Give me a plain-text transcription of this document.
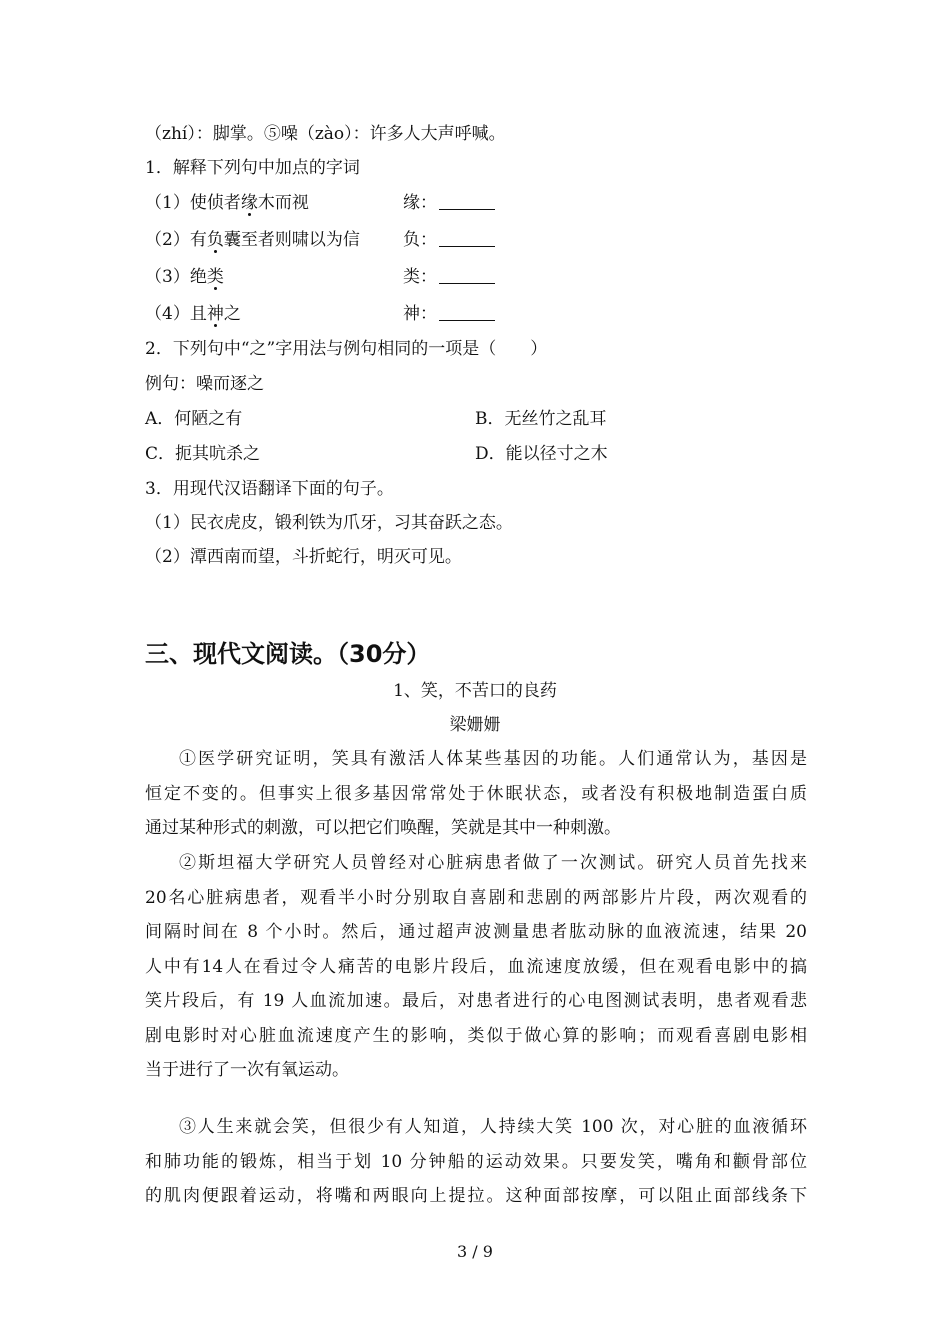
（zhí）：脚掌。⑤噪（zào）：许多人大声呼喊。
1．解释下列句中加点的字词
（1）使侦者缘木而视	缘：
（2）有负囊至者则啸以为信	负：
（3）绝类	类：
（4）且神之	神：
2．下列句中“之”字用法与例句相同的一项是（　　）
例句：噪而逐之
A．何陋之有	B．无丝竹之乱耳
C．扼其吭杀之	D．能以径寸之木
3．用现代汉语翻译下面的句子。
（1）民衣虎皮，锻利铁为爪牙，习其奋跃之态。
（2）潭西南而望，斗折蛇行，明灭可见。
三、现代文阅读。（30分）
1、笑，不苦口的良药
梁姗姗
①医学研究证明，笑具有激活人体某些基因的功能。人们通常认为，基因是
恒定不变的。但事实上很多基因常常处于休眠状态，或者没有积极地制造蛋白质
通过某种形式的刺激，可以把它们唤醒，笑就是其中一种刺激。
②斯坦福大学研究人员曾经对心脏病患者做了一次测试。研究人员首先找来
20名心脏病患者，观看半小时分别取自喜剧和悲剧的两部影片片段，两次观看的
间隔时间在 8 个小时。然后，通过超声波测量患者肱动脉的血液流速，结果 20
人中有14人在看过令人痛苦的电影片段后，血流速度放缓，但在观看电影中的搞
笑片段后，有 19 人血流加速。最后，对患者进行的心电图测试表明，患者观看悲
剧电影时对心脏血流速度产生的影响，类似于做心算的影响；而观看喜剧电影相
当于进行了一次有氧运动。
③人生来就会笑，但很少有人知道，人持续大笑 100 次，对心脏的血液循环
和肺功能的锻炼，相当于划 10 分钟船的运动效果。只要发笑，嘴角和颧骨部位
的肌肉便跟着运动，将嘴和两眼向上提拉。这种面部按摩，可以阻止面部线条下
3 / 9
